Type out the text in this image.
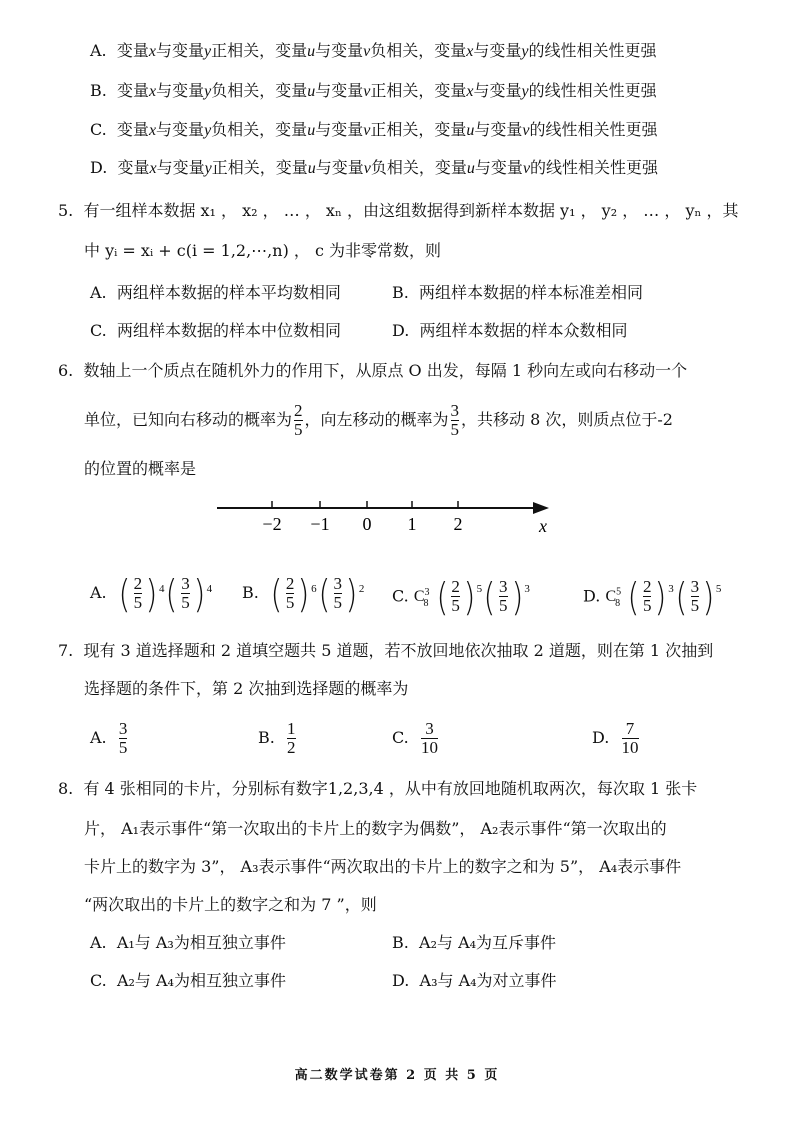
A.  变量x与变量y正相关，变量u与变量v负相关，变量x与变量y的线性相关性更强
B.  变量x与变量y负相关，变量u与变量v正相关，变量x与变量y的线性相关性更强
C.  变量x与变量y负相关，变量u与变量v正相关，变量u与变量v的线性相关性更强
D.  变量x与变量y正相关，变量u与变量v负相关，变量u与变量v的线性相关性更强
5. 有一组样本数据 x₁ ， x₂ ， … ， xₙ ，由这组数据得到新样本数据 y₁ ， y₂ ， … ， yₙ ，其
中 yᵢ = xᵢ + c(i = 1,2,⋯,n) ， c 为非零常数，则
A.  两组样本数据的样本平均数相同	B.  两组样本数据的样本标准差相同
C.  两组样本数据的样本中位数相同	D.  两组样本数据的样本众数相同
6. 数轴上一个质点在随机外力的作用下，从原点 O 出发，每隔 1 秒向左或向右移动一个
单位，已知向右移动的概率为 $\frac{2}{5}$ ，向左移动的概率为 $\frac{3}{5}$ ，共移动 8 次，则质点位于-2
的位置的概率是
−2 −1 0 1 2	x
A. ( $\frac{2}{5}$ ) $^4$ ( $\frac{3}{5}$ ) $^4$ B. ( $\frac{2}{5}$ ) $^6$ ( $\frac{3}{5}$ ) $^2$ C. $C^3_8$ ( $\frac{2}{5}$ ) $^5$ ( $\frac{3}{5}$ ) $^3$	D. $C^5_8$ ( $\frac{2}{5}$ ) $^3$ ( $\frac{3}{5}$ ) $^5$
7. 现有 3 道选择题和 2 道填空题共 5 道题，若不放回地依次抽取 2 道题，则在第 1 次抽到
选择题的条件下，第 2 次抽到选择题的概率为
A. $\frac{3}{5}$	B. $\frac{1}{2}$	C. $\frac{3}{10}$	D. $\frac{7}{10}$
8. 有 4 张相同的卡片，分别标有数字1,2,3,4 ，从中有放回地随机取两次，每次取 1 张卡
片， A₁表示事件“第一次取出的卡片上的数字为偶数”， A₂表示事件“第一次取出的
卡片上的数字为 3”， A₃表示事件“两次取出的卡片上的数字之和为 5”， A₄表示事件
“两次取出的卡片上的数字之和为 7 ”，则
A.  A₁与 A₃为相互独立事件	B.  A₂与 A₄为互斥事件
C.  A₂与 A₄为相互独立事件	D.  A₃与 A₄为对立事件
高二数学试卷第 2 页 共 5 页
